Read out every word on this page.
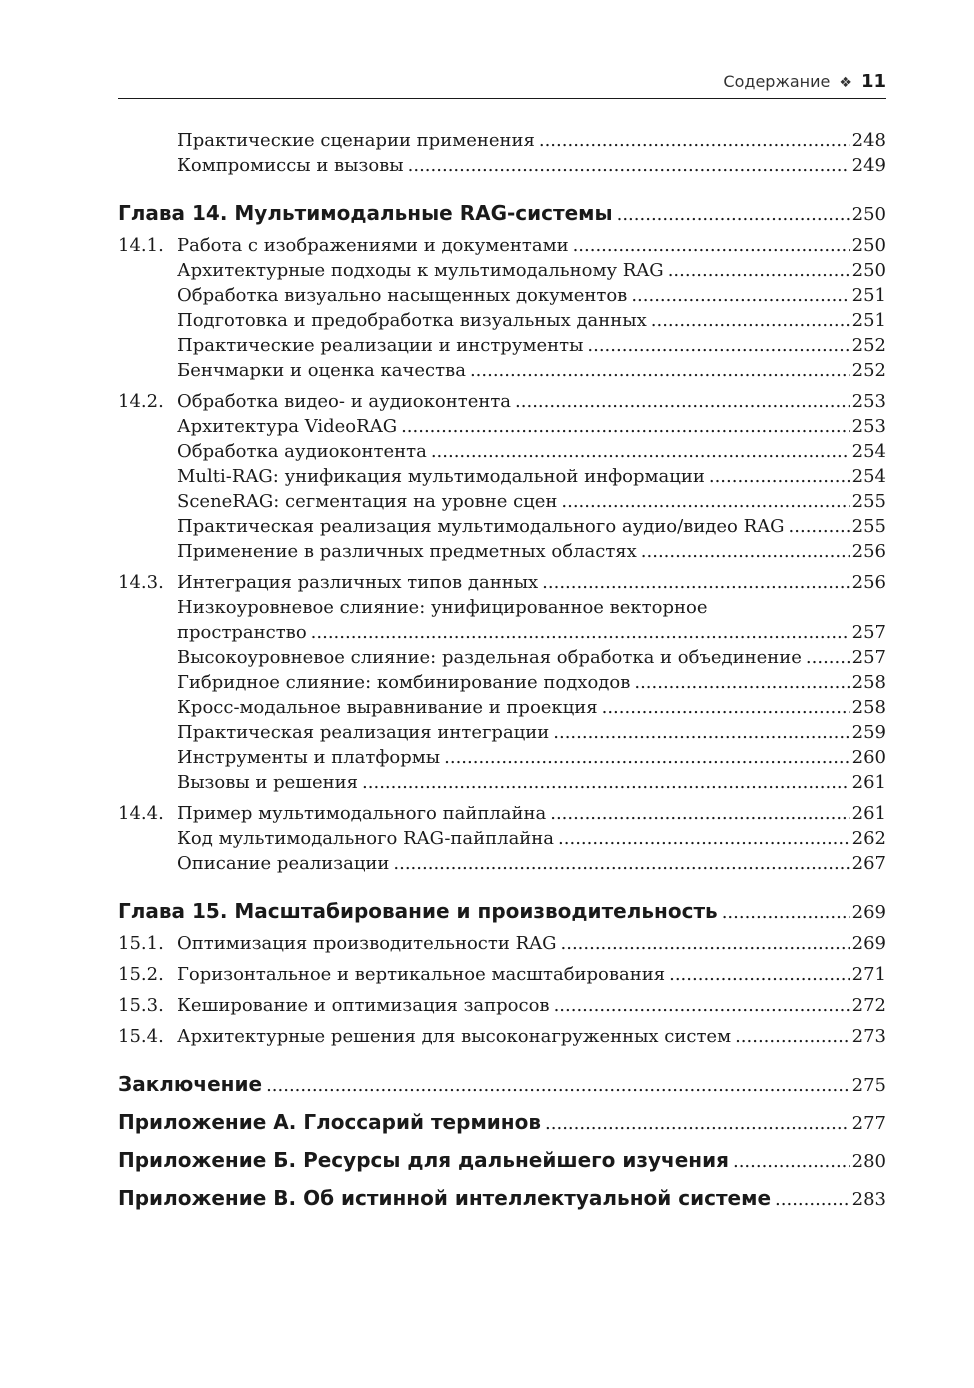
Содержание ❖ 11
Практические сценарии применения .....	248
Компромиссы и вызовы .....	249
Глава 14. Мультимодальные RAG-системы .....	250
14.1. Работа с изображениями и документами .....	250
Архитектурные подходы к мультимодальному RAG .....	250
Обработка визуально насыщенных документов .....	251
Подготовка и предобработка визуальных данных .....	251
Практические реализации и инструменты .....	252
Бенчмарки и оценка качества .....	252
14.2. Обработка видео- и аудиоконтента .....	253
Архитектура VideoRAG .....	253
Обработка аудиоконтента .....	254
Multi-RAG: унификация мультимодальной информации .....	254
SceneRAG: сегментация на уровне сцен .....	255
Практическая реализация мультимодального аудио/видео RAG .....	255
Применение в различных предметных областях .....	256
14.3. Интеграция различных типов данных .....	256
Низкоуровневое слияние: унифицированное векторное
пространство .....	257
Высокоуровневое слияние: раздельная обработка и объединение .....	257
Гибридное слияние: комбинирование подходов .....	258
Кросс-модальное выравнивание и проекция .....	258
Практическая реализация интеграции .....	259
Инструменты и платформы .....	260
Вызовы и решения .....	261
14.4. Пример мультимодального пайплайна .....	261
Код мультимодального RAG-пайплайна .....	262
Описание реализации .....	267
Глава 15. Масштабирование и производительность .....	269
15.1. Оптимизация производительности RAG .....	269
15.2. Горизонтальное и вертикальное масштабирования .....	271
15.3. Кеширование и оптимизация запросов .....	272
15.4. Архитектурные решения для высоконагруженных систем .....	273
Заключение .....	275
Приложение А. Глоссарий терминов .....	277
Приложение Б. Ресурсы для дальнейшего изучения .....	280
Приложение В. Об истинной интеллектуальной системе .....	283
